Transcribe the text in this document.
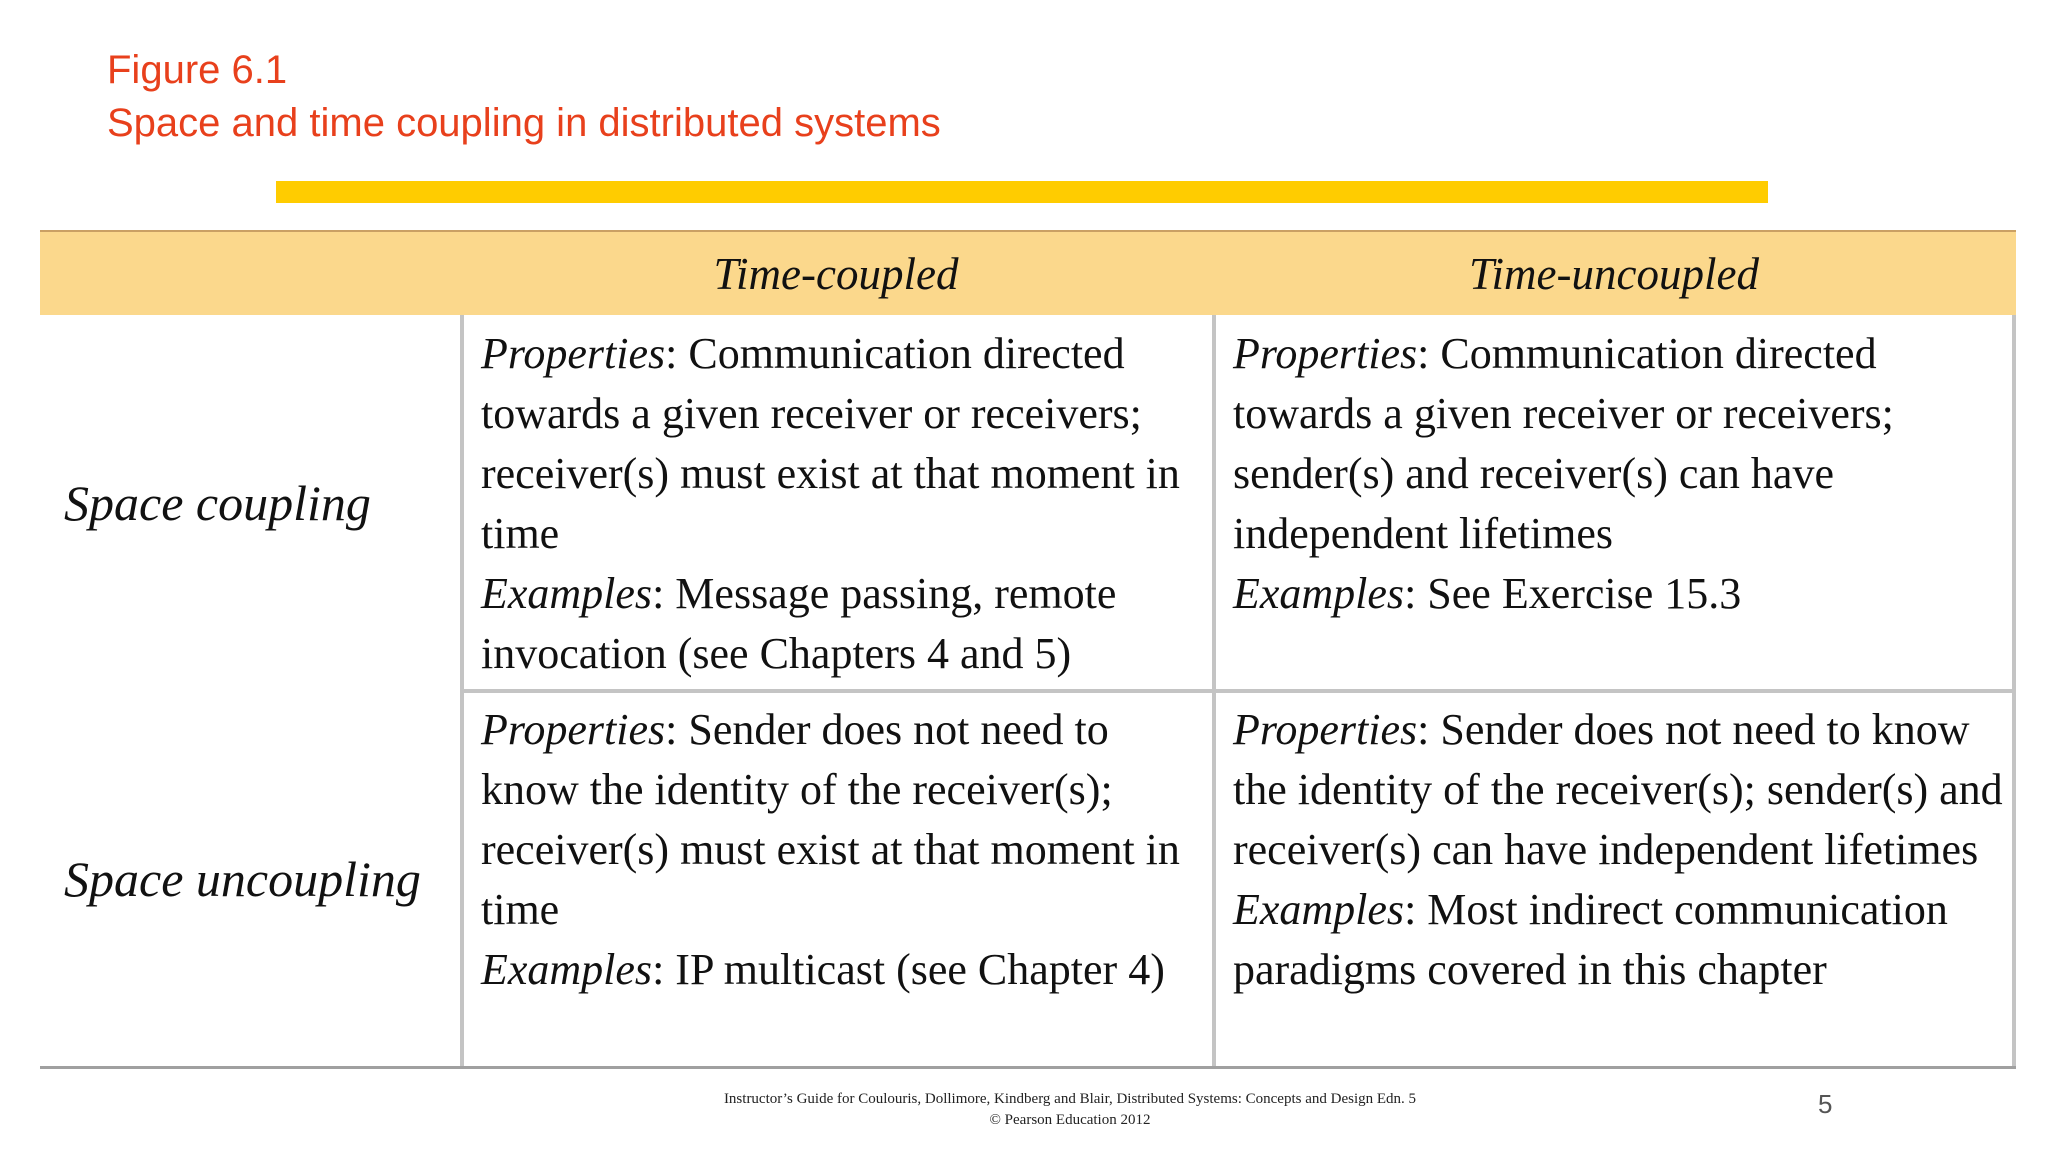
Figure 6.1
Space and time coupling in distributed systems
Time-coupled	Time-uncoupled
Space coupling
Space uncoupling

Properties: Communication directed towards a given receiver or receivers; receiver(s) must exist at that moment in time

Examples: Message passing, remote invocation (see Chapters 4 and 5)

Properties: Communication directed towards a given receiver or receivers; sender(s) and receiver(s) can have independent lifetimes

Examples: See Exercise 15.3

Properties: Sender does not need to know the identity of the receiver(s); receiver(s) must exist at that moment in time

Examples: IP multicast (see Chapter 4)

Properties: Sender does not need to know the identity of the receiver(s); sender(s) and receiver(s) can have independent lifetimes

Examples: Most indirect communication paradigms covered in this chapter

Instructor’s Guide for Coulouris, Dollimore, Kindberg and Blair, Distributed Systems: Concepts and Design Edn. 5
© Pearson Education 2012
5
